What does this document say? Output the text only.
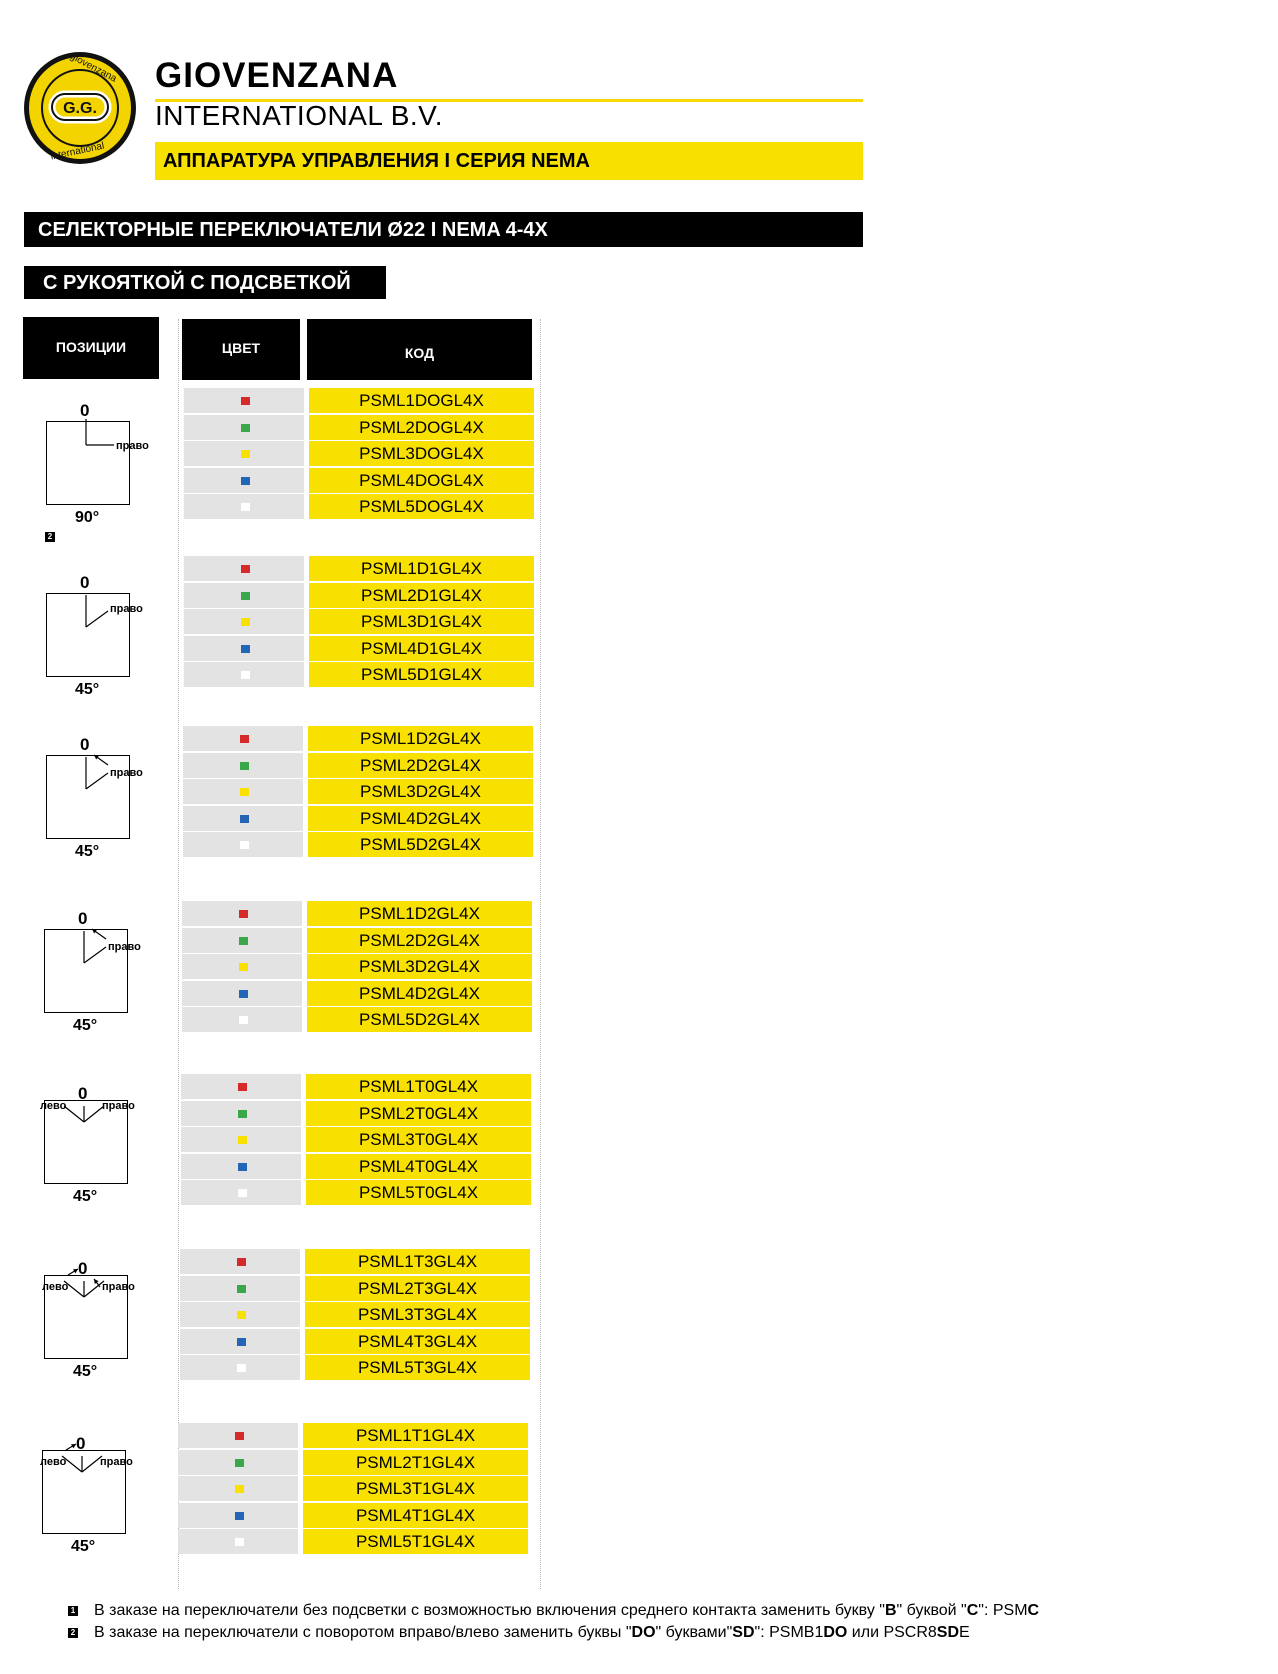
G.G.
giovenzana
international
GIOVENZANA
INTERNATIONAL B.V.
АППАРАТУРА УПРАВЛЕНИЯ I СЕРИЯ NEMA
СЕЛЕКТОРНЫЕ ПЕРЕКЛЮЧАТЕЛИ Ø22 I NEMA 4-4X
С РУКОЯТКОЙ С ПОДСВЕТКОЙ
ПОЗИЦИИ	ЦВЕТ	КОД
PSML1DOGL4X
PSML2DOGL4X
PSML3DOGL4X
PSML4DOGL4X
PSML5DOGL4X
0
право
90°
2
PSML1D1GL4X
PSML2D1GL4X
PSML3D1GL4X
PSML4D1GL4X
PSML5D1GL4X
0
право
45°
PSML1D2GL4X
PSML2D2GL4X
PSML3D2GL4X
PSML4D2GL4X
PSML5D2GL4X
0
право
45°
PSML1D2GL4X
PSML2D2GL4X
PSML3D2GL4X
PSML4D2GL4X
PSML5D2GL4X
0
право
45°
PSML1T0GL4X
PSML2T0GL4X
PSML3T0GL4X
PSML4T0GL4X
PSML5T0GL4X
0
право
лево
45°
PSML1T3GL4X
PSML2T3GL4X
PSML3T3GL4X
PSML4T3GL4X
PSML5T3GL4X
0
право
лево
45°
PSML1T1GL4X
PSML2T1GL4X
PSML3T1GL4X
PSML4T1GL4X
PSML5T1GL4X
0
право
лево
45°
1 В заказе на переключатели без подсветки с возможностью включения среднего контакта заменить букву "B" буквой "C": PSMC
2 В заказе на переключатели с поворотом вправо/влево заменить буквы "DO" буквами"SD": PSMB1DO или PSCR8SDE
